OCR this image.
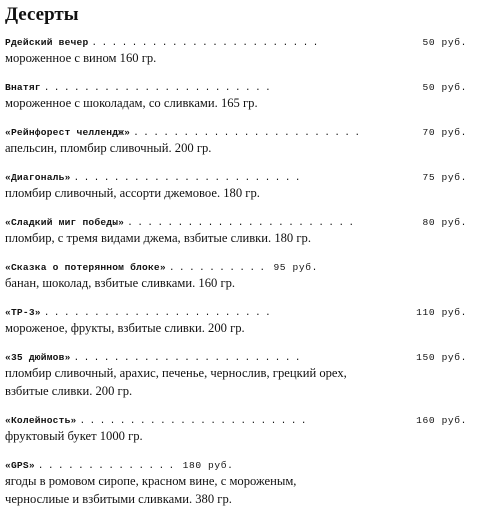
Десерты
Рдейский вечер .......................	50 руб.
мороженное с вином 160 гр.
Внатяг .......................	50 руб.
мороженное с шоколадам, со сливками. 165 гр.
«Рейнфорест челлендж» .......................	70 руб.
апельсин, пломбир сливочный. 200 гр.
«Диагональ» .......................	75 руб.
пломбир сливочный, ассорти джемовое. 180 гр.
«Сладкий миг победы» .......................	80 руб.
пломбир, с тремя видами джема, взбитые сливки. 180 гр.
«Сказка о потерянном блоке» .......... 95 руб.
банан, шоколад, взбитые сливками. 160 гр.
«ТР-3» .......................	110 руб.
мороженое, фрукты, взбитые сливки. 200 гр.
«35 дюймов» .......................	150 руб.
пломбир сливочный, арахис, печенье, чернослив, грецкий орех,
взбитые сливки. 200 гр.
«Колейность» .......................	160 руб.
фруктовый букет 1000 гр.
«GPS» .............. 180 руб.
ягоды в ромовом сиропе, красном вине, с мороженым,
чернослиые и взбитыми сливками. 380 гр.
